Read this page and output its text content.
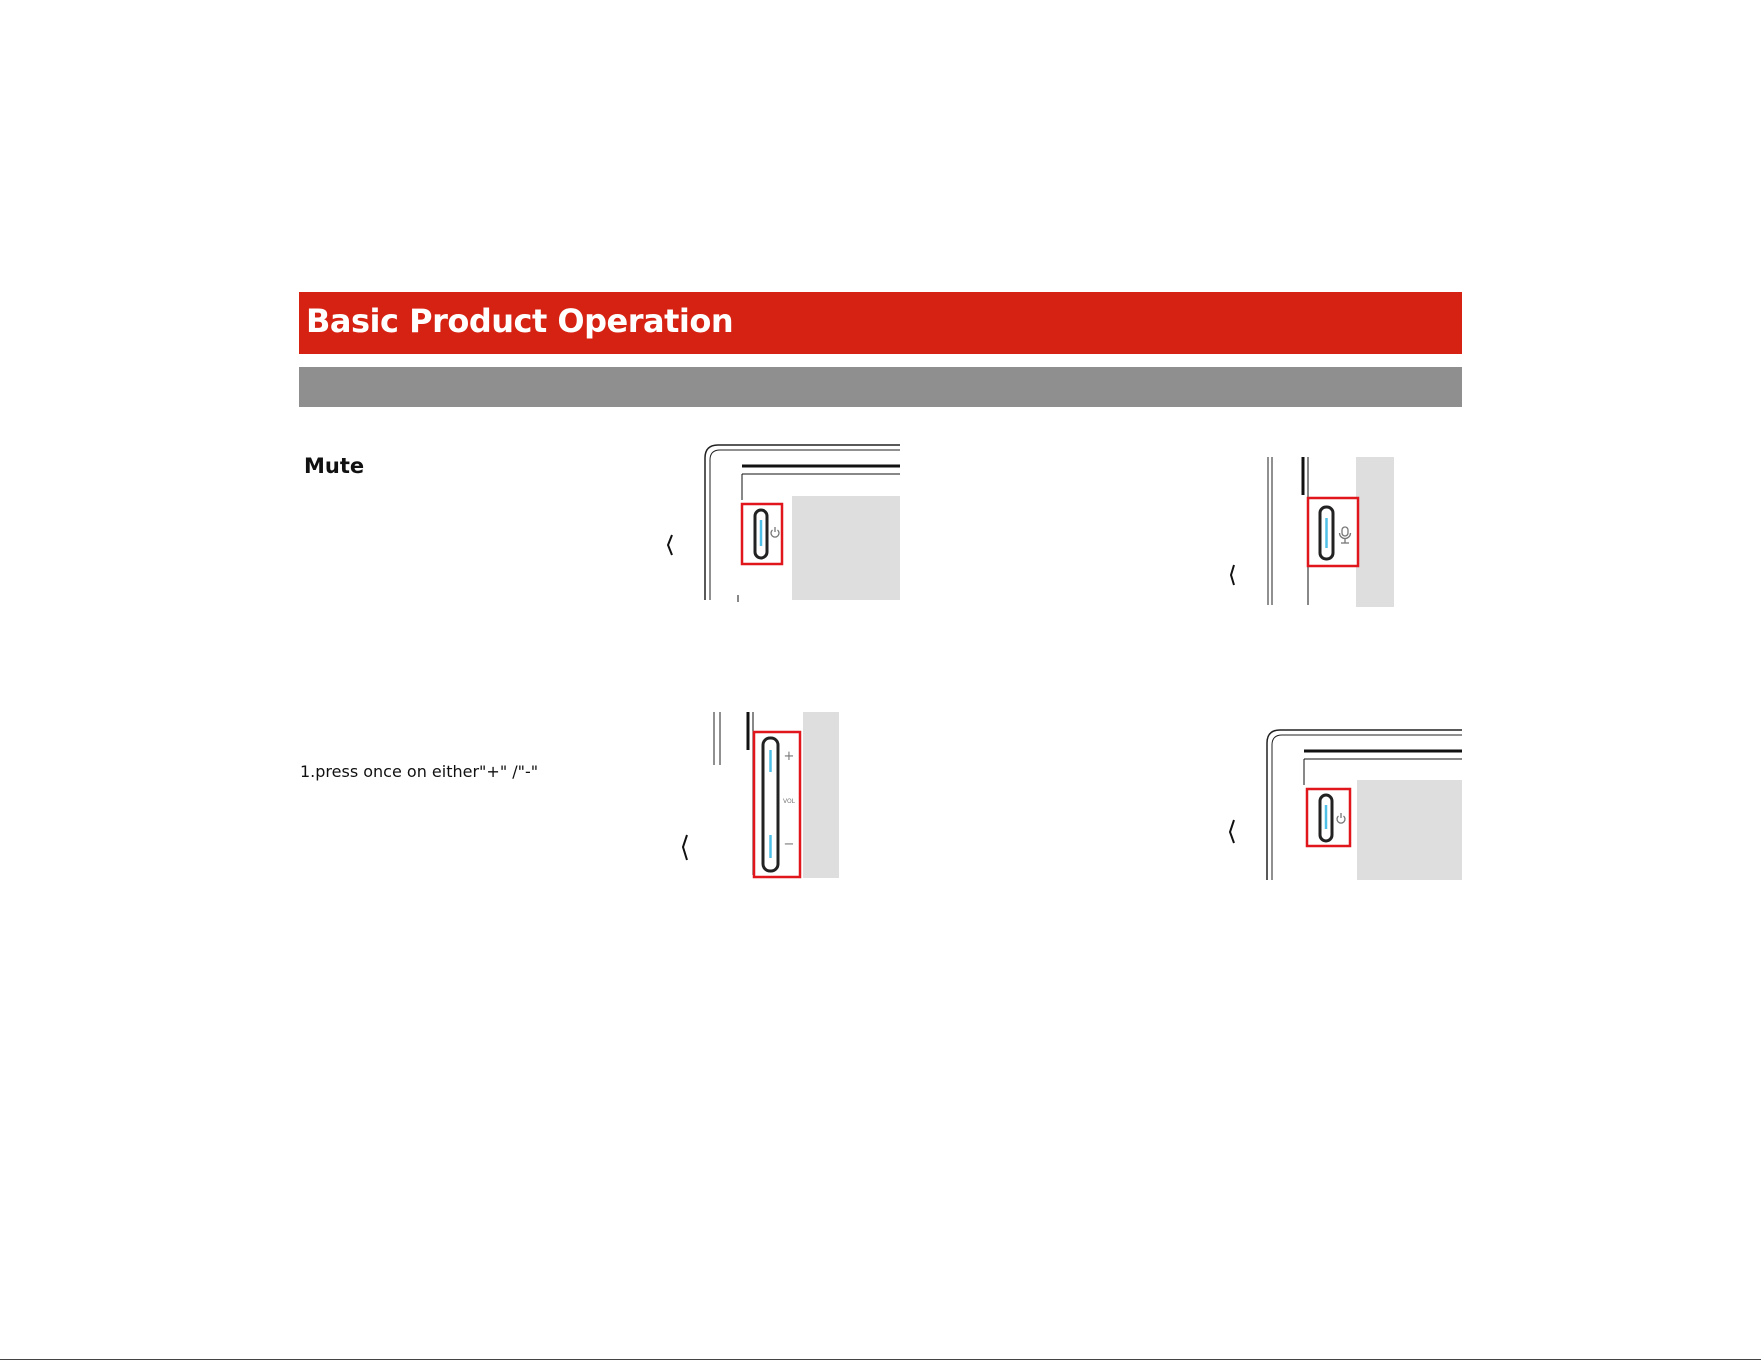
Basic Product Operation
Mute
1.press once on either"+" /"-"
+
VOL
−
